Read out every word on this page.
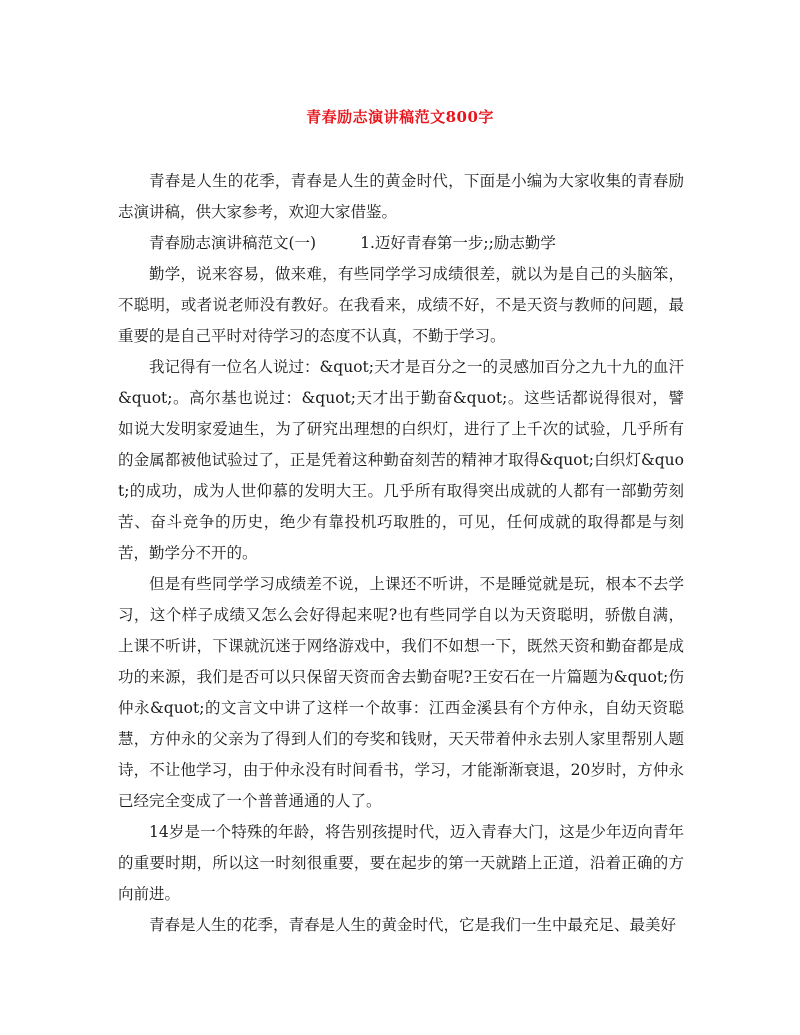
青春励志演讲稿范文800字

青春是人生的花季，青春是人生的黄金时代，下面是小编为大家收集的青春励志演讲稿，供大家参考，欢迎大家借鉴。

青春励志演讲稿范文(一)	1.迈好青春第一步;;励志勤学

勤学，说来容易，做来难，有些同学学习成绩很差，就以为是自己的头脑笨，不聪明，或者说老师没有教好。在我看来，成绩不好，不是天资与教师的问题，最重要的是自己平时对待学习的态度不认真，不勤于学习。

我记得有一位名人说过：&quot;天才是百分之一的灵感加百分之九十九的血汗&quot;。高尔基也说过：&quot;天才出于勤奋&quot;。这些话都说得很对，譬如说大发明家爱迪生，为了研究出理想的白织灯，进行了上千次的试验，几乎所有的金属都被他试验过了，正是凭着这种勤奋刻苦的精神才取得&quot;白织灯&quot;的成功，成为人世仰慕的发明大王。几乎所有取得突出成就的人都有一部勤劳刻苦、奋斗竞争的历史，绝少有靠投机巧取胜的，可见，任何成就的取得都是与刻苦，勤学分不开的。

但是有些同学学习成绩差不说，上课还不听讲，不是睡觉就是玩，根本不去学习，这个样子成绩又怎么会好得起来呢?也有些同学自以为天资聪明，骄傲自满，上课不听讲，下课就沉迷于网络游戏中，我们不如想一下，既然天资和勤奋都是成功的来源，我们是否可以只保留天资而舍去勤奋呢?王安石在一片篇题为&quot;伤仲永&quot;的文言文中讲了这样一个故事：江西金溪县有个方仲永，自幼天资聪慧，方仲永的父亲为了得到人们的夸奖和钱财，天天带着仲永去别人家里帮别人题诗，不让他学习，由于仲永没有时间看书，学习，才能渐渐衰退，20岁时，方仲永已经完全变成了一个普普通通的人了。

14岁是一个特殊的年龄，将告别孩提时代，迈入青春大门，这是少年迈向青年的重要时期，所以这一时刻很重要，要在起步的第一天就踏上正道，沿着正确的方向前进。

青春是人生的花季，青春是人生的黄金时代，它是我们一生中最充足、最美好
